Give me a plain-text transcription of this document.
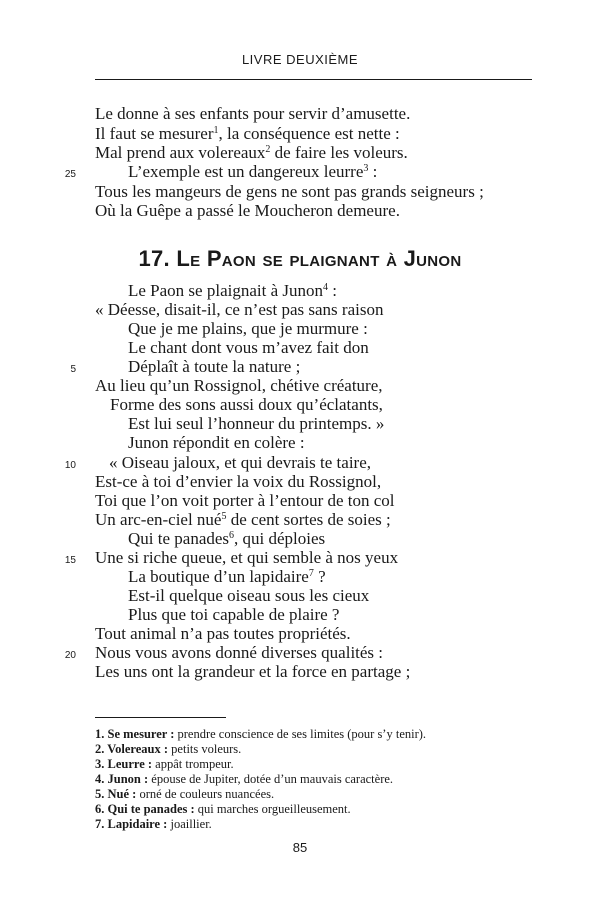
LIVRE DEUXIÈME
Le donne à ses enfants pour servir d’amusette.
Il faut se mesurer$^1$, la conséquence est nette :
Mal prend aux volereaux$^2$ de faire les voleurs.
25	L’exemple est un dangereux leurre$^3$ :
Tous les mangeurs de gens ne sont pas grands seigneurs ;
Où la Guêpe a passé le Moucheron demeure.
17. Le Paon se plaignant à Junon
Le Paon se plaignait à Junon$^4$ :
« Déesse, disait-il, ce n’est pas sans raison
Que je me plains, que je murmure :
Le chant dont vous m’avez fait don
5	Déplaît à toute la nature ;
Au lieu qu’un Rossignol, chétive créature,
Forme des sons aussi doux qu’éclatants,
Est lui seul l’honneur du printemps. »
Junon répondit en colère :
10 « Oiseau jaloux, et qui devrais te taire,
Est-ce à toi d’envier la voix du Rossignol,
Toi que l’on voit porter à l’entour de ton col
Un arc-en-ciel nué$^5$ de cent sortes de soies ;
Qui te panades$^6$, qui déploies
15 Une si riche queue, et qui semble à nos yeux
La boutique d’un lapidaire$^7$ ?
Est-il quelque oiseau sous les cieux
Plus que toi capable de plaire ?
Tout animal n’a pas toutes propriétés.
20 Nous vous avons donné diverses qualités :
Les uns ont la grandeur et la force en partage ;
1. Se mesurer : prendre conscience de ses limites (pour s’y tenir).
2. Volereaux : petits voleurs.
3. Leurre : appât trompeur.
4. Junon : épouse de Jupiter, dotée d’un mauvais caractère.
5. Nué : orné de couleurs nuancées.
6. Qui te panades : qui marches orgueilleusement.
7. Lapidaire : joaillier.
85
